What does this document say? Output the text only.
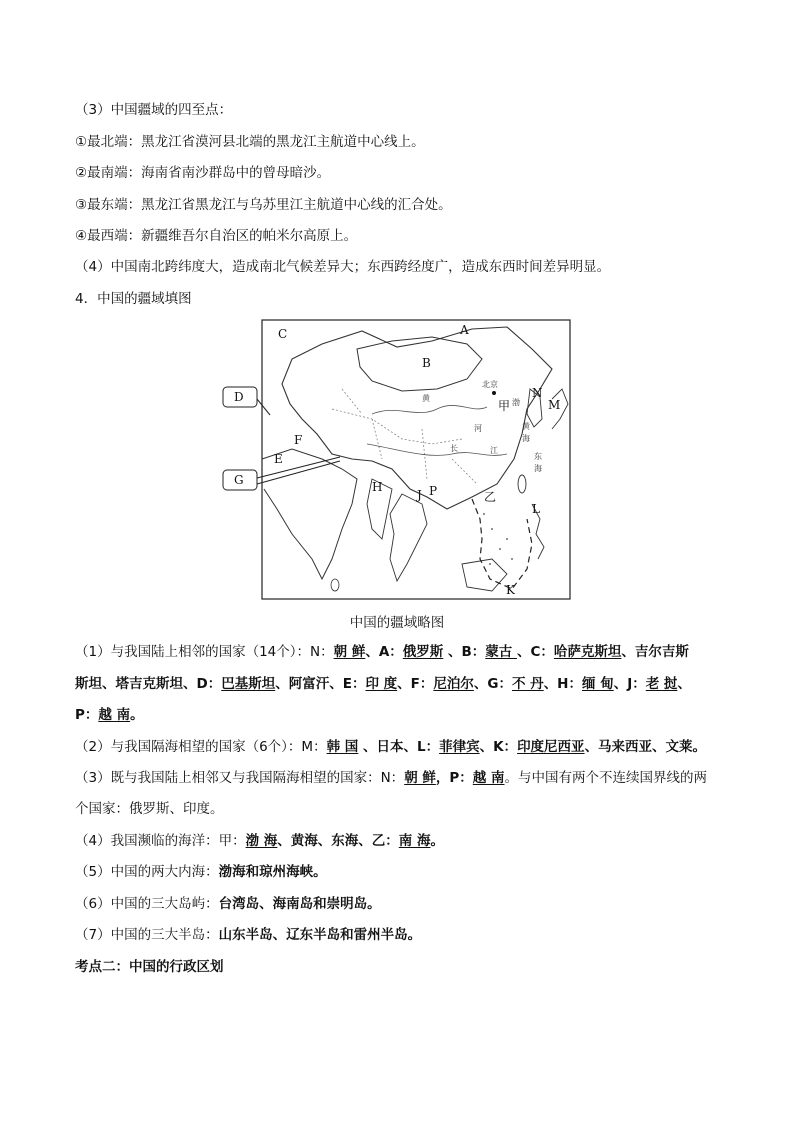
（3）中国疆域的四至点：
①最北端：黑龙江省漠河县北端的黑龙江主航道中心线上。
②最南端：海南省南沙群岛中的曾母暗沙。
③最东端：黑龙江省黑龙江与乌苏里江主航道中心线的汇合处。
④最西端：新疆维吾尔自治区的帕米尔高原上。
（4）中国南北跨纬度大，造成南北气候差异大；东西跨经度广，造成东西时间差异明显。
4．中国的疆域填图
C	A
B
D
F
E
G	H
J P
N
M
L
K
乙
甲
北京
黄
河
长	江
渤
黄
海
东
海
中国的疆域略图
（1）与我国陆上相邻的国家（14个）：N：朝 鲜、A：俄罗斯 、B：蒙古 、C：哈萨克斯坦、吉尔吉斯
斯坦、塔吉克斯坦、D：巴基斯坦、阿富汗、E：印 度、F：尼泊尔、G：不 丹、H：缅 甸、J：老 挝、
P：越 南。
（2）与我国隔海相望的国家（6个）：M：韩 国 、日本、L：菲律宾、K：印度尼西亚、马来西亚、文莱。
（3）既与我国陆上相邻又与我国隔海相望的国家：N：朝 鲜，P：越 南。与中国有两个不连续国界线的两
个国家：俄罗斯、印度。
（4）我国濒临的海洋：甲：渤 海、黄海、东海、乙：南 海。
（5）中国的两大内海：渤海和琼州海峡。
（6）中国的三大岛屿：台湾岛、海南岛和崇明岛。
（7）中国的三大半岛：山东半岛、辽东半岛和雷州半岛。
考点二：中国的行政区划
